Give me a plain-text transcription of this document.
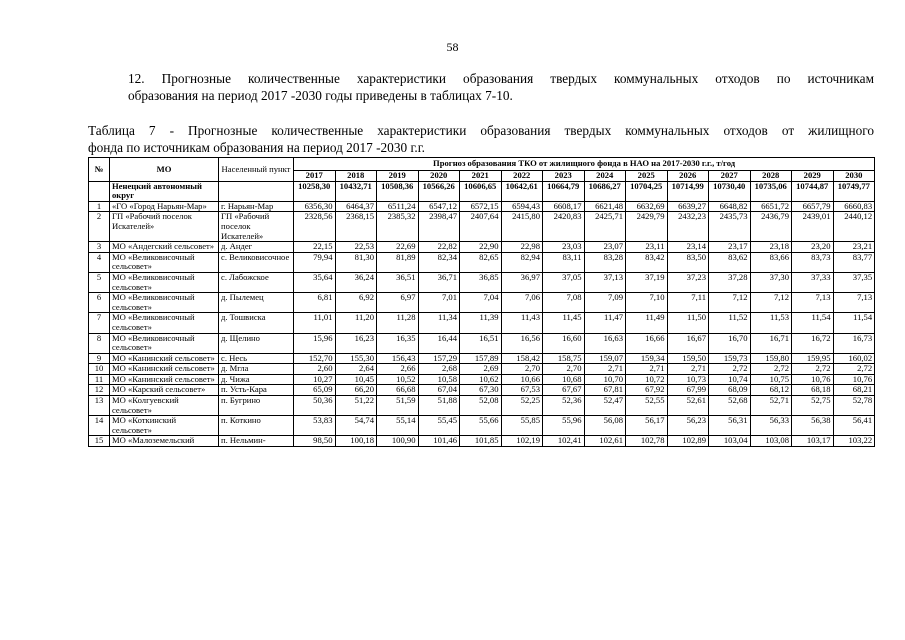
58
12. Прогнозные количественные характеристики образования твердых коммунальных отходов по источникам
образования на период 2017 -2030 годы приведены в таблицах 7-10.
Таблица 7 - Прогнозные количественные характеристики образования твердых коммунальных отходов от жилищного
фонда по источникам образования на период 2017 -2030 г.г.
№	МО	Населенный пункт	Прогноз образования ТКО от жилищного фонда в НАО на 2017-2030 г.г., т/год													
			2017	2018	2019	2020	2021	2022	2023	2024	2025	2026	2027	2028	2029	2030
	Ненецкий автономный округ		10258,30	10432,71	10508,36	10566,26	10606,65	10642,61	10664,79	10686,27	10704,25	10714,99	10730,40	10735,06	10744,87	10749,77
1	«ГО «Город Нарьян-Мар»	г. Нарьян-Мар	6356,30	6464,37	6511,24	6547,12	6572,15	6594,43	6608,17	6621,48	6632,69	6639,27	6648,82	6651,72	6657,79	6660,83
2	ГП «Рабочий поселок Искателей»	ГП «Рабочий поселок Искателей»	2328,56	2368,15	2385,32	2398,47	2407,64	2415,80	2420,83	2425,71	2429,79	2432,23	2435,73	2436,79	2439,01	2440,12
3	МО «Андегский сельсовет»	д. Андег	22,15	22,53	22,69	22,82	22,90	22,98	23,03	23,07	23,11	23,14	23,17	23,18	23,20	23,21
4	МО «Великовисочный сельсовет»	с. Великовисочное	79,94	81,30	81,89	82,34	82,65	82,94	83,11	83,28	83,42	83,50	83,62	83,66	83,73	83,77
5	МО «Великовисочный сельсовет»	с. Лабожское	35,64	36,24	36,51	36,71	36,85	36,97	37,05	37,13	37,19	37,23	37,28	37,30	37,33	37,35
6	МО «Великовисочный сельсовет»	д. Пылемец	6,81	6,92	6,97	7,01	7,04	7,06	7,08	7,09	7,10	7,11	7,12	7,12	7,13	7,13
7	МО «Великовисочный сельсовет»	д. Тошвиска	11,01	11,20	11,28	11,34	11,39	11,43	11,45	11,47	11,49	11,50	11,52	11,53	11,54	11,54
8	МО «Великовисочный сельсовет»	д. Щелино	15,96	16,23	16,35	16,44	16,51	16,56	16,60	16,63	16,66	16,67	16,70	16,71	16,72	16,73
9	МО «Канинский сельсовет»	с. Несь	152,70	155,30	156,43	157,29	157,89	158,42	158,75	159,07	159,34	159,50	159,73	159,80	159,95	160,02
10	МО «Канинский сельсовет»	д. Мгла	2,60	2,64	2,66	2,68	2,69	2,70	2,70	2,71	2,71	2,71	2,72	2,72	2,72	2,72
11	МО «Канинский сельсовет»	д. Чижа	10,27	10,45	10,52	10,58	10,62	10,66	10,68	10,70	10,72	10,73	10,74	10,75	10,76	10,76
12	МО «Карский сельсовет»	п. Усть-Кара	65,09	66,20	66,68	67,04	67,30	67,53	67,67	67,81	67,92	67,99	68,09	68,12	68,18	68,21
13	МО «Колгуевский сельсовет»	п. Бугрино	50,36	51,22	51,59	51,88	52,08	52,25	52,36	52,47	52,55	52,61	52,68	52,71	52,75	52,78
14	МО «Коткинский сельсовет»	п. Коткино	53,83	54,74	55,14	55,45	55,66	55,85	55,96	56,08	56,17	56,23	56,31	56,33	56,38	56,41
15	МО «Малоземельский	п. Нельмин-	98,50	100,18	100,90	101,46	101,85	102,19	102,41	102,61	102,78	102,89	103,04	103,08	103,17	103,22
